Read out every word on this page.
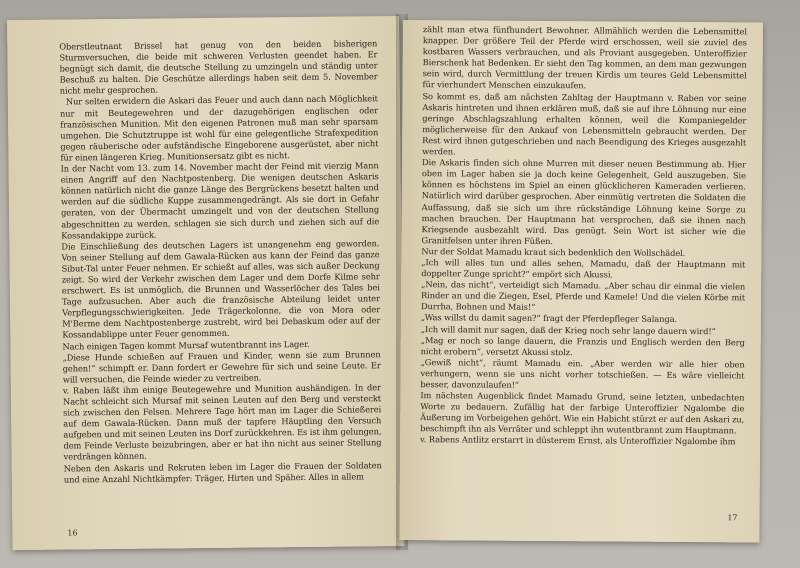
Oberstleutnant Brissel hat genug von den beiden bisherigen Sturmversuchen, die beide mit schweren Verlusten geendet haben. Er begnügt sich damit, die deutsche Stellung zu umzingeln und ständig unter Beschuß zu halten. Die Geschütze allerdings haben seit dem 5. November nicht mehr gesprochen.

Nur selten erwidern die Askari das Feuer und auch dann nach Möglichkeit nur mit Beutegewehren und der dazugehörigen englischen oder französischen Munition. Mit den eigenen Patronen muß man sehr sparsam umgehen. Die Schutztruppe ist wohl für eine gelegentliche Strafexpedition gegen räuberische oder aufständische Eingeborene ausgerüstet, aber nicht für einen längeren Krieg. Munitionsersatz gibt es nicht.

In der Nacht vom 13. zum 14. November macht der Feind mit vierzig Mann einen Angriff auf den Nachtpostenberg. Die wenigen deutschen Askaris können natürlich nicht die ganze Länge des Bergrückens besetzt halten und werden auf die südliche Kuppe zusammengedrängt. Als sie dort in Gefahr geraten, von der Übermacht umzingelt und von der deutschen Stellung abgeschnitten zu werden, schlagen sie sich durch und ziehen sich auf die Kossandakippe zurück.

Die Einschließung des deutschen Lagers ist unangenehm eng geworden. Von seiner Stellung auf dem Gawala-Rücken aus kann der Feind das ganze Sibut-Tal unter Feuer nehmen. Er schießt auf alles, was sich außer Deckung zeigt. So wird der Verkehr zwischen dem Lager und dem Dorfe Kilme sehr erschwert. Es ist unmöglich, die Brunnen und Wasserlöcher des Tales bei Tage aufzusuchen. Aber auch die französische Abteilung leidet unter Verpflegungsschwierigkeiten. Jede Trägerkolonne, die von Mora oder M'Berme dem Nachtpostenberge zustrebt, wird bei Debaskum oder auf der Kossandablippe unter Feuer genommen.

Nach einigen Tagen kommt Mursaf wutentbrannt ins Lager.

„Diese Hunde schießen auf Frauen und Kinder, wenn sie zum Brunnen gehen!“ schimpft er. Dann fordert er Gewehre für sich und seine Leute. Er will versuchen, die Feinde wieder zu vertreiben.

v. Raben läßt ihm einige Beutegewehre und Munition aushändigen. In der Nacht schleicht sich Mursaf mit seinen Leuten auf den Berg und versteckt sich zwischen den Felsen. Mehrere Tage hört man im Lager die Schießerei auf dem Gawala-Rücken. Dann muß der tapfere Häuptling den Versuch aufgeben und mit seinen Leuten ins Dorf zurückkehren. Es ist ihm gelungen, dem Feinde Verluste beizubringen, aber er hat ihn nicht aus seiner Stellung verdrängen können.

Neben den Askaris und Rekruten leben im Lager die Frauen der Soldaten und eine Anzahl Nichtkämpfer: Träger, Hirten und Späher. Alles in allem

16

zählt man etwa fünfhundert Bewohner. Allmählich werden die Lebensmittel knapper. Der größere Teil der Pferde wird erschossen, weil sie zuviel des kostbaren Wassers verbrauchen, und als Proviant ausgegeben. Unteroffizier Bierschenk hat Bedenken. Er sieht den Tag kommen, an dem man gezwungen sein wird, durch Vermittlung der treuen Kirdis um teures Geld Lebensmittel für vierhundert Menschen einzukaufen.

So kommt es, daß am nächsten Zahltag der Hauptmann v. Raben vor seine Askaris hintreten und ihnen erklären muß, daß sie auf ihre Löhnung nur eine geringe Abschlagszahlung erhalten können, weil die Kompaniegelder möglicherweise für den Ankauf von Lebensmitteln gebraucht werden. Der Rest wird ihnen gutgeschrieben und nach Beendigung des Krieges ausgezahlt werden.

Die Askaris finden sich ohne Murren mit dieser neuen Bestimmung ab. Hier oben im Lager haben sie ja doch keine Gelegenheit, Geld auszugeben. Sie können es höchstens im Spiel an einen glücklicheren Kameraden verlieren. Natürlich wird darüber gesprochen. Aber einmütig vertreten die Soldaten die Auffassung, daß sie sich um ihre rückständige Löhnung keine Sorge zu machen brauchen. Der Hauptmann hat versprochen, daß sie ihnen nach Kriegsende ausbezahlt wird. Das genügt. Sein Wort ist sicher wie die Granitfelsen unter ihren Füßen.

Nur der Soldat Mamadu kraut sich bedenklich den Wollschädel.

„Ich will alles tun und alles sehen, Mamadu, daß der Hauptmann mit doppelter Zunge spricht?“ empört sich Akussi.

„Nein, das nicht“, verteidigt sich Mamadu. „Aber schau dir einmal die vielen Rinder an und die Ziegen, Esel, Pferde und Kamele! Und die vielen Körbe mit Durrha, Bohnen und Mais!“

„Was willst du damit sagen?“ fragt der Pferdepfleger Salanga.

„Ich will damit nur sagen, daß der Krieg noch sehr lange dauern wird!“

„Mag er noch so lange dauern, die Franzis und Englisch werden den Berg nicht erobern“, versetzt Akussi stolz.

„Gewiß nicht“, räumt Mamadu ein. „Aber werden wir alle hier oben verhungern, wenn sie uns nicht vorher totschießen. — Es wäre vielleicht besser, davonzulaufen!“

Im nächsten Augenblick findet Mamadu Grund, seine letzten, unbedachten Worte zu bedauern. Zufällig hat der farbige Unteroffizier Ngalombe die Äußerung im Vorbeigehen gehört. Wie ein Habicht stürzt er auf den Askari zu, beschimpft ihn als Verräter und schleppt ihn wutentbrannt zum Hauptmann.

v. Rabens Antlitz erstarrt in düsterem Ernst, als Unteroffizier Ngalombe ihm

17
